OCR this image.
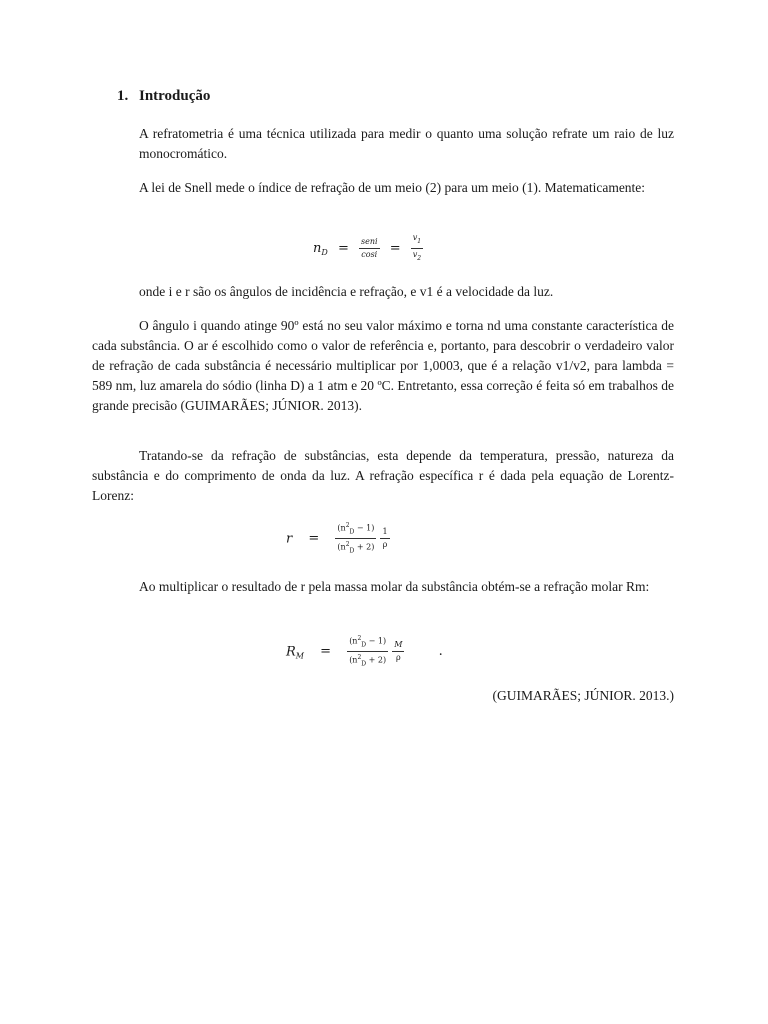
1. Introdução

A refratometria é uma técnica utilizada para medir o quanto uma solução refrate um raio de luz monocromático.

A lei de Snell mede o índice de refração de um meio (2) para um meio (1). Matematicamente:

$n_D = \frac{\text{seni}}{\cos i} = \frac{v_1}{v_2}$

onde i e r são os ângulos de incidência e refração, e v1 é a velocidade da luz.

O ângulo i quando atinge 90º está no seu valor máximo e torna nd uma constante característica de cada substância. O ar é escolhido como o valor de referência e, portanto, para descobrir o verdadeiro valor de refração de cada substância é necessário multiplicar por 1,0003, que é a relação v1/v2, para lambda = 589 nm, luz amarela do sódio (linha D) a 1 atm e 20 ºC. Entretanto, essa correção é feita só em trabalhos de grande precisão (GUIMARÃES; JÚNIOR. 2013).

Tratando-se da refração de substâncias, esta depende da temperatura, pressão, natureza da substância e do comprimento de onda da luz. A refração específica r é dada pela equação de Lorentz-Lorenz:

$r = \frac{(n^2_D - 1)}{(n^2_D + 2)}$
$\frac{1}{\rho}$

Ao multiplicar o resultado de r pela massa molar da substância obtém-se a refração molar Rm:

$R_M = \frac{(n^2_D - 1)}{(n^2_D + 2)}$
$\frac{M}{\rho}$	.
(GUIMARÃES; JÚNIOR. 2013.)
